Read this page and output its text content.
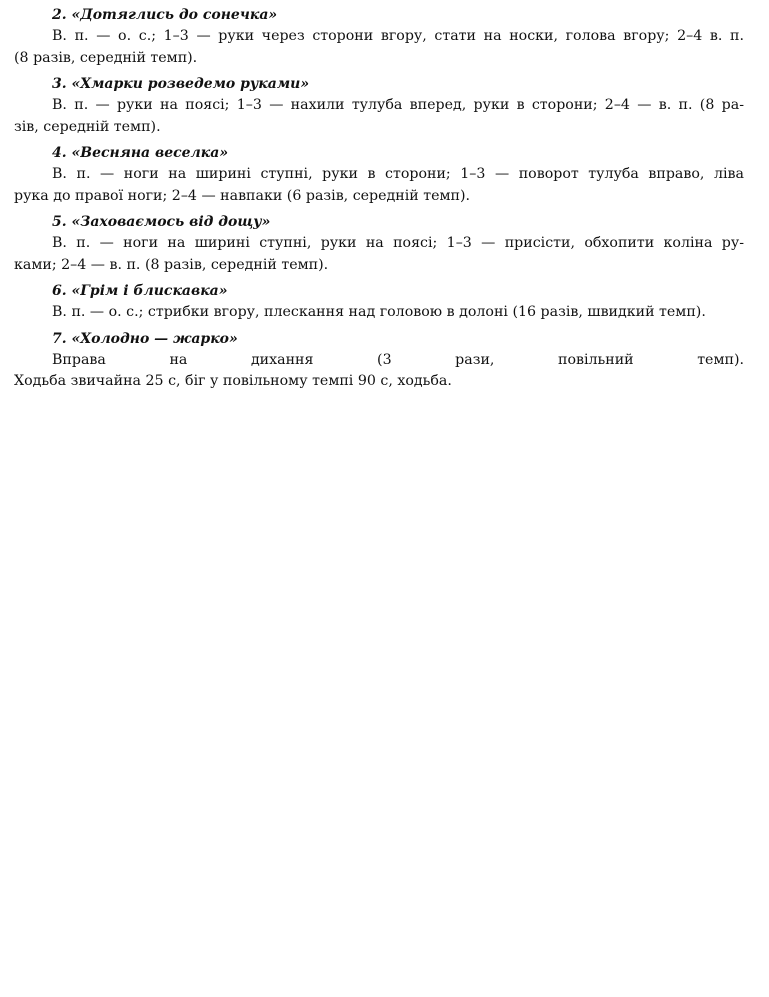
2. «Дотяглись до сонечка»
В. п. — о. с.; 1–3 — руки через сторони вгору, стати на носки, голова вгору; 2–4 в. п.
(8 разів, середній темп).
3. «Хмарки розведемо руками»
В. п. — руки на поясі; 1–3 — нахили тулуба вперед, руки в сторони; 2–4 — в. п. (8 ра-
зів, середній темп).
4. «Весняна веселка»
В. п. — ноги на ширині ступні, руки в сторони; 1–3 — поворот тулуба вправо, ліва
рука до правої ноги; 2–4 — навпаки (6 разів, середній темп).
5. «Заховаємось від дощу»
В. п. — ноги на ширині ступні, руки на поясі; 1–3 — присісти, обхопити коліна ру-
ками; 2–4 — в. п. (8 разів, середній темп).
6. «Грім і блискавка»
В. п. — о. с.; стрибки вгору, плескання над головою в долоні (16 разів, швидкий темп).
7. «Холодно — жарко»
Вправа на дихання (3 рази, повільний темп).
Ходьба звичайна 25 с, біг у повільному темпі 90 с, ходьба.
